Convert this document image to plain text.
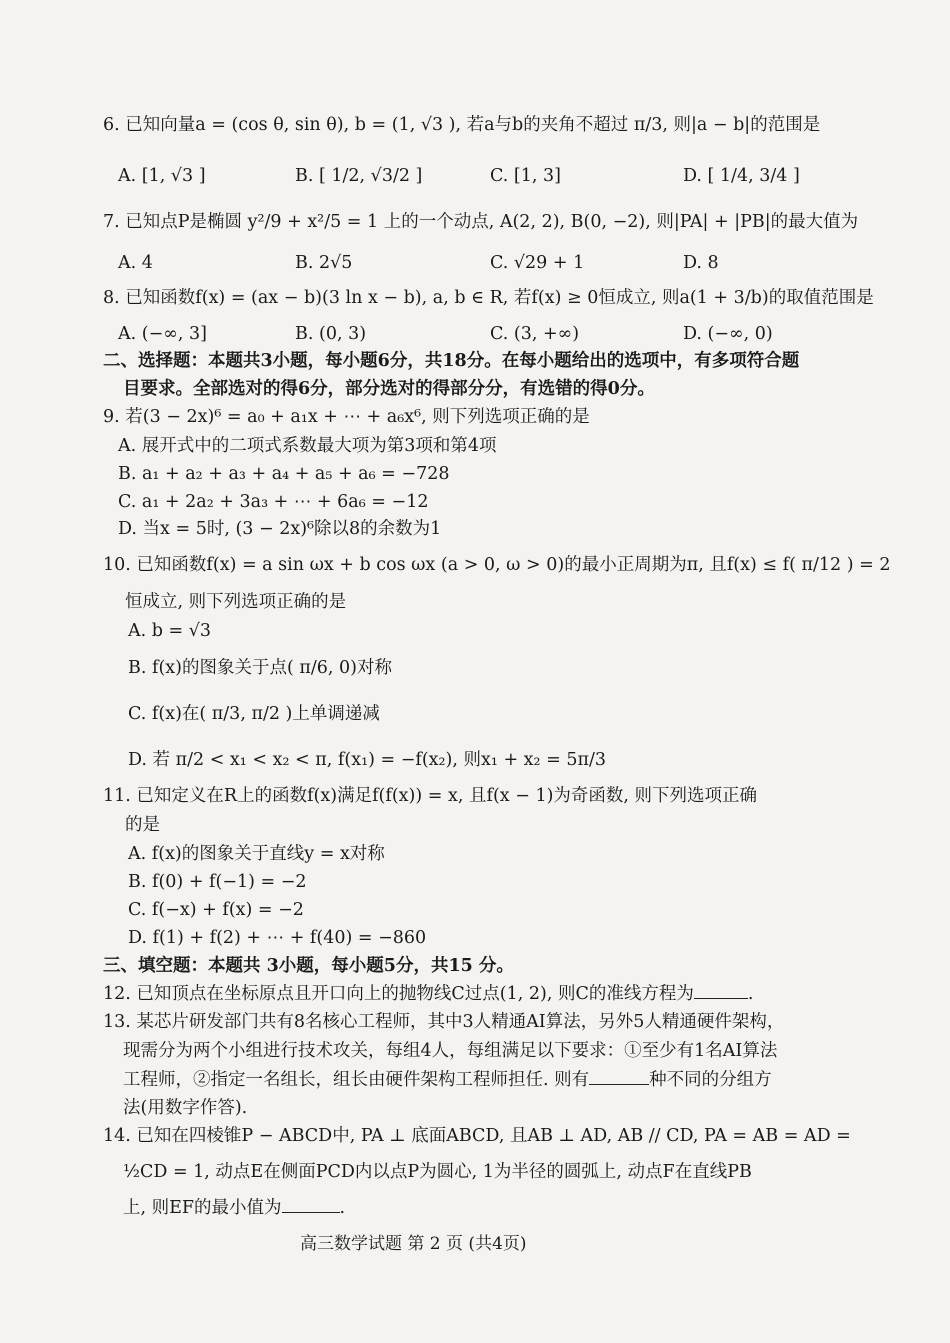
6. 已知向量a = (cos θ, sin θ), b = (1, √3 ), 若a与b的夹角不超过 π/3, 则|a − b|的范围是
A. [1, √3 ]	B. [ 1/2, √3/2 ]	C. [1, 3]	D. [ 1/4, 3/4 ]
7. 已知点P是椭圆 y²/9 + x²/5 = 1 上的一个动点, A(2, 2), B(0, −2), 则|PA| + |PB|的最大值为
A. 4	B. 2√5	C. √29 + 1	D. 8
8. 已知函数f(x) = (ax − b)(3 ln x − b), a, b ∈ R, 若f(x) ≥ 0恒成立, 则a(1 + 3/b)的取值范围是
A. (−∞, 3]	B. (0, 3)	C. (3, +∞)	D. (−∞, 0)
二、选择题：本题共3小题，每小题6分，共18分。在每小题给出的选项中，有多项符合题
目要求。全部选对的得6分，部分选对的得部分分，有选错的得0分。
9. 若(3 − 2x)⁶ = a₀ + a₁x + ⋯ + a₆x⁶, 则下列选项正确的是
A. 展开式中的二项式系数最大项为第3项和第4项
B. a₁ + a₂ + a₃ + a₄ + a₅ + a₆ = −728
C. a₁ + 2a₂ + 3a₃ + ⋯ + 6a₆ = −12
D. 当x = 5时, (3 − 2x)⁶除以8的余数为1
10. 已知函数f(x) = a sin ωx + b cos ωx (a > 0, ω > 0)的最小正周期为π, 且f(x) ≤ f( π/12 ) = 2
恒成立, 则下列选项正确的是
A. b = √3
B. f(x)的图象关于点( π/6, 0)对称
C. f(x)在( π/3, π/2 )上单调递减
D. 若 π/2 < x₁ < x₂ < π, f(x₁) = −f(x₂), 则x₁ + x₂ = 5π/3
11. 已知定义在R上的函数f(x)满足f(f(x)) = x, 且f(x − 1)为奇函数, 则下列选项正确
的是
A. f(x)的图象关于直线y = x对称
B. f(0) + f(−1) = −2
C. f(−x) + f(x) = −2
D. f(1) + f(2) + ⋯ + f(40) = −860
三、填空题：本题共 3小题，每小题5分，共15 分。
12. 已知顶点在坐标原点且开口向上的抛物线C过点(1, 2), 则C的准线方程为	.
13. 某芯片研发部门共有8名核心工程师，其中3人精通AI算法，另外5人精通硬件架构，
现需分为两个小组进行技术攻关，每组4人，每组满足以下要求：①至少有1名AI算法
工程师，②指定一名组长，组长由硬件架构工程师担任. 则有	种不同的分组方
法(用数字作答).
14. 已知在四棱锥P − ABCD中, PA ⊥ 底面ABCD, 且AB ⊥ AD, AB // CD, PA = AB = AD =
½CD = 1, 动点E在侧面PCD内以点P为圆心, 1为半径的圆弧上, 动点F在直线PB
上, 则EF的最小值为	.
高三数学试题 第 2 页 (共4页)
